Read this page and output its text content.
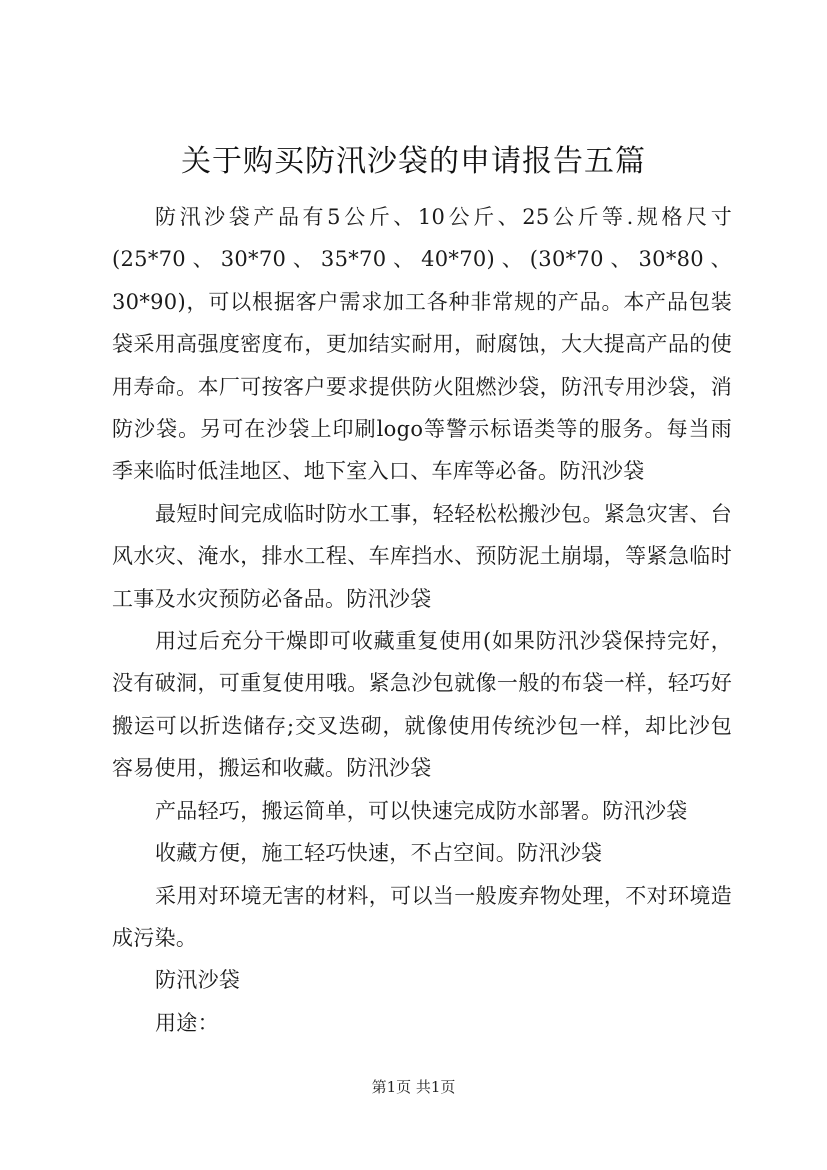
关于购买防汛沙袋的申请报告五篇

防汛沙袋产品有5公斤、10公斤、25公斤等.规格尺寸(25*70、30*70、35*70、40*70)、(30*70、30*80、30*90)，可以根据客户需求加工各种非常规的产品。本产品包装袋采用高强度密度布，更加结实耐用，耐腐蚀，大大提高产品的使用寿命。本厂可按客户要求提供防火阻燃沙袋，防汛专用沙袋，消防沙袋。另可在沙袋上印刷logo等警示标语类等的服务。每当雨季来临时低洼地区、地下室入口、车库等必备。防汛沙袋

最短时间完成临时防水工事，轻轻松松搬沙包。紧急灾害、台风水灾、淹水，排水工程、车库挡水、预防泥土崩塌，等紧急临时工事及水灾预防必备品。防汛沙袋

用过后充分干燥即可收藏重复使用(如果防汛沙袋保持完好，没有破洞，可重复使用哦。紧急沙包就像一般的布袋一样，轻巧好搬运可以折迭储存;交叉迭砌，就像使用传统沙包一样，却比沙包容易使用，搬运和收藏。防汛沙袋

产品轻巧，搬运简单，可以快速完成防水部署。防汛沙袋

收藏方便，施工轻巧快速，不占空间。防汛沙袋

采用对环境无害的材料，可以当一般废弃物处理，不对环境造成污染。

防汛沙袋

用途：

第1页 共1页
